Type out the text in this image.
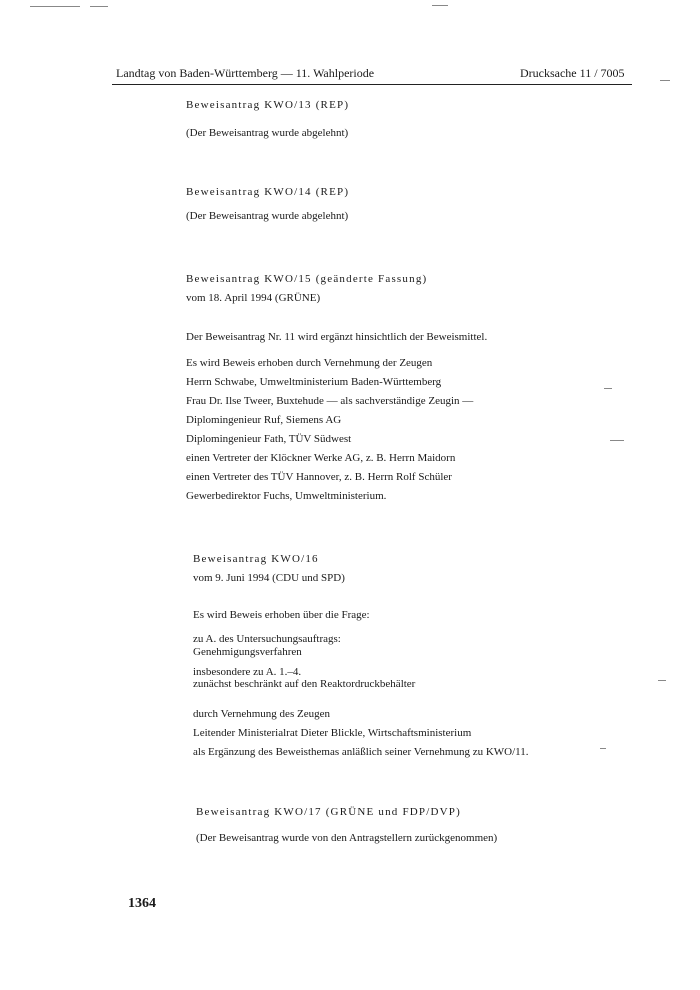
Landtag von Baden-Württemberg — 11. Wahlperiode	Drucksache 11 / 7005
Beweisantrag KWO/13 (REP)
(Der Beweisantrag wurde abgelehnt)
Beweisantrag KWO/14 (REP)
(Der Beweisantrag wurde abgelehnt)
Beweisantrag KWO/15 (geänderte Fassung)
vom 18. April 1994 (GRÜNE)
Der Beweisantrag Nr. 11 wird ergänzt hinsichtlich der Beweismittel.
Es wird Beweis erhoben durch Vernehmung der Zeugen
Herrn Schwabe, Umweltministerium Baden-Württemberg
Frau Dr. Ilse Tweer, Buxtehude — als sachverständige Zeugin —
Diplomingenieur Ruf, Siemens AG
Diplomingenieur Fath, TÜV Südwest
einen Vertreter der Klöckner Werke AG, z. B. Herrn Maidorn
einen Vertreter des TÜV Hannover, z. B. Herrn Rolf Schüler
Gewerbedirektor Fuchs, Umweltministerium.
Beweisantrag KWO/16
vom 9. Juni 1994 (CDU und SPD)
Es wird Beweis erhoben über die Frage:
zu A. des Untersuchungsauftrags:
Genehmigungsverfahren
insbesondere zu A. 1.–4.
zunächst beschränkt auf den Reaktordruckbehälter
durch Vernehmung des Zeugen
Leitender Ministerialrat Dieter Blickle, Wirtschaftsministerium
als Ergänzung des Beweisthemas anläßlich seiner Vernehmung zu KWO/11.
Beweisantrag KWO/17 (GRÜNE und FDP/DVP)
(Der Beweisantrag wurde von den Antragstellern zurückgenommen)
1364
